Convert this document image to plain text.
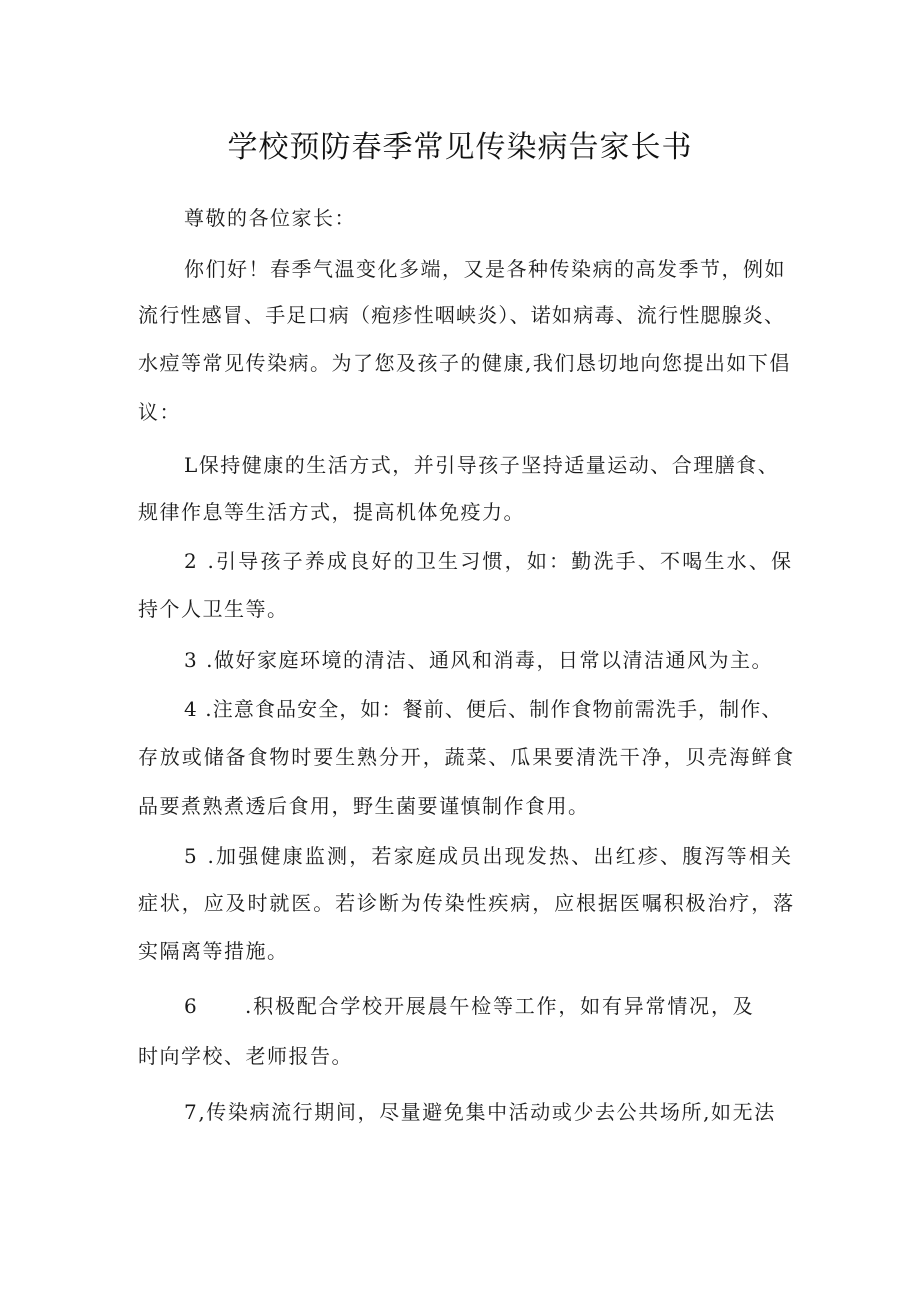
学校预防春季常见传染病告家长书
尊敬的各位家长：
你们好！春季气温变化多端，又是各种传染病的高发季节，例如
流行性感冒、手足口病（疱疹性咽峡炎）、诺如病毒、流行性腮腺炎、
水痘等常见传染病。为了您及孩子的健康,我们恳切地向您提出如下倡
议：
L保持健康的生活方式，并引导孩子坚持适量运动、合理膳食、
规律作息等生活方式，提高机体免疫力。
2 .引导孩子养成良好的卫生习惯，如：勤洗手、不喝生水、保
持个人卫生等。
3 .做好家庭环境的清洁、通风和消毒，日常以清洁通风为主。
4 .注意食品安全，如：餐前、便后、制作食物前需洗手，制作、
存放或储备食物时要生熟分开，蔬菜、瓜果要清洗干净，贝壳海鲜食
品要煮熟煮透后食用，野生菌要谨慎制作食用。
5 .加强健康监测，若家庭成员出现发热、出红疹、腹泻等相关
症状，应及时就医。若诊断为传染性疾病，应根据医嘱积极治疗，落
实隔离等措施。
6 .积极配合学校开展晨午检等工作，如有异常情况，及
时向学校、老师报告。
7,传染病流行期间，尽量避免集中活动或少去公共场所,如无法
